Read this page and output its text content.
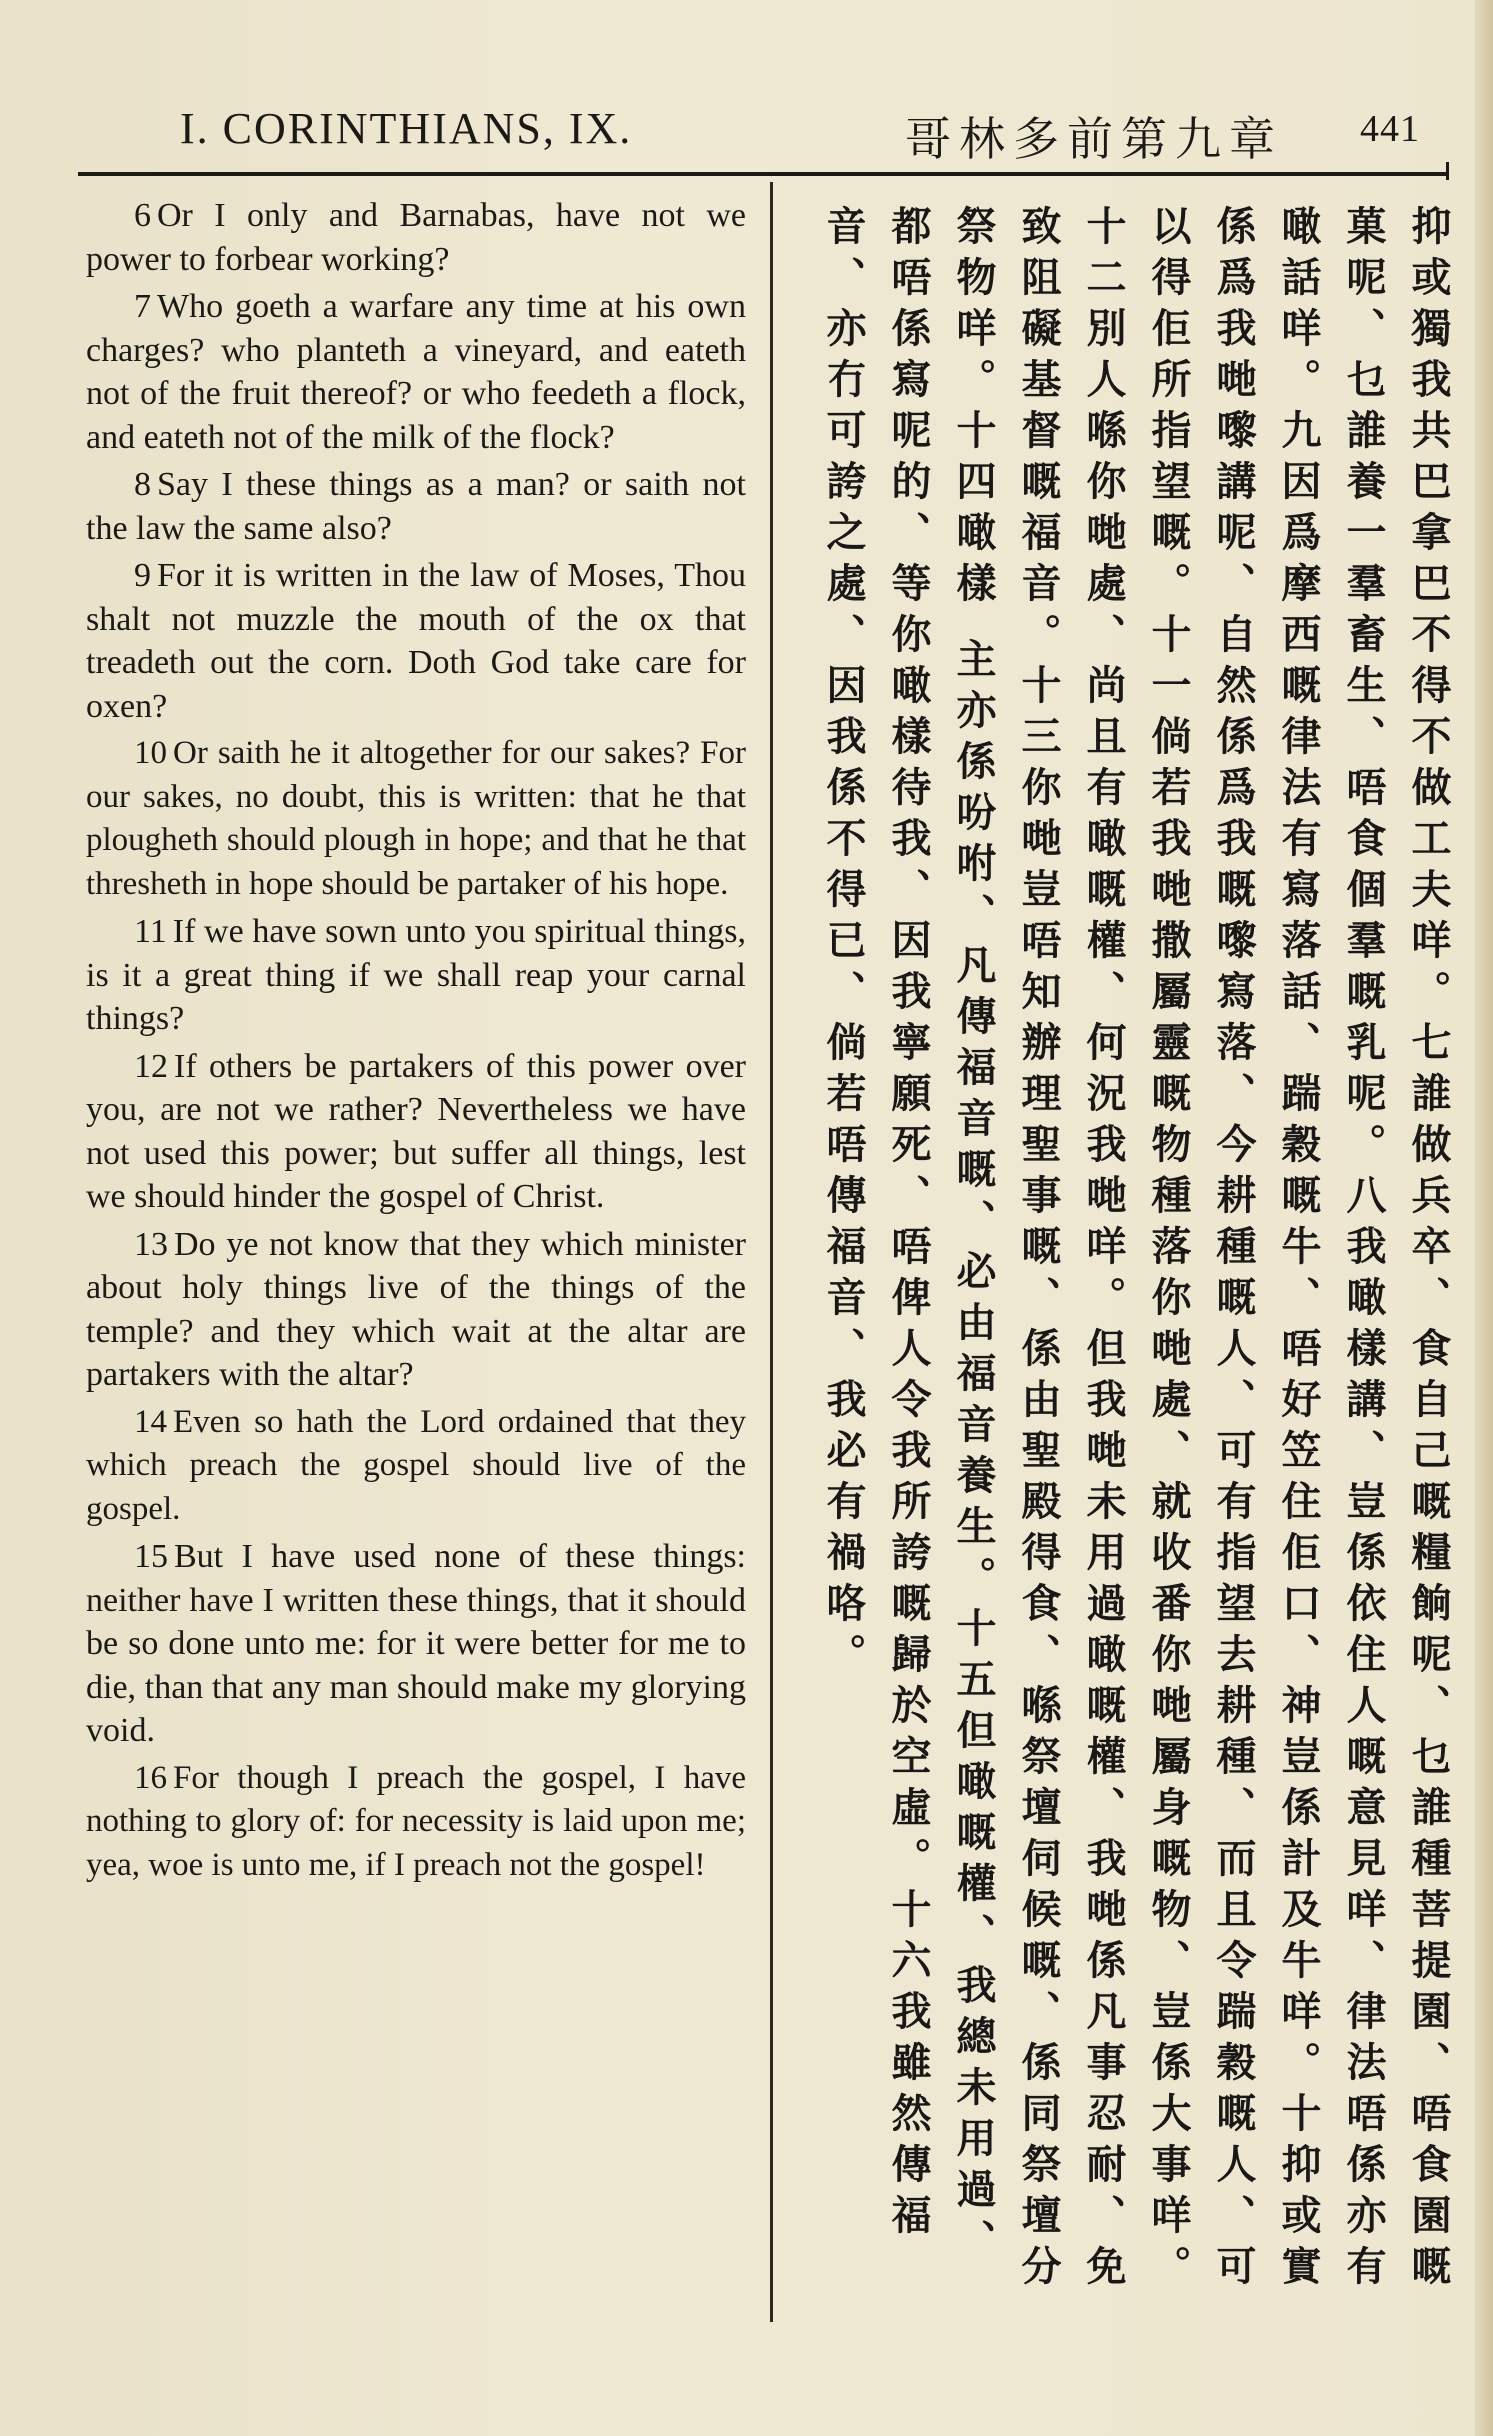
I. CORINTHIANS, IX.	哥林多前第九章 441

6 Or I only and Barnabas, have not we power to forbear working?

7 Who goeth a warfare any time at his own charges? who planteth a vineyard, and eateth not of the fruit thereof? or who feedeth a flock, and eateth not of the milk of the flock?

8 Say I these things as a man? or saith not the law the same also?

9 For it is written in the law of Moses, Thou shalt not muzzle the mouth of the ox that treadeth out the corn. Doth God take care for oxen?

10 Or saith he it altogether for our sakes? For our sakes, no doubt, this is written: that he that plougheth should plough in hope; and that he that thresheth in hope should be partaker of his hope.

11 If we have sown unto you spiritual things, is it a great thing if we shall reap your carnal things?

12 If others be partakers of this power over you, are not we rather? Nevertheless we have not used this power; but suffer all things, lest we should hinder the gospel of Christ.

13 Do ye not know that they which minister about holy things live of the things of the temple? and they which wait at the altar are partakers with the altar?

14 Even so hath the Lord ordained that they which preach the gospel should live of the gospel.

15 But I have used none of these things: neither have I written these things, that it should be so done unto me: for it were better for me to die, than that any man should make my glorying void.

16 For though I preach the gospel, I have nothing to glory of: for necessity is laid upon me; yea, woe is unto me, if I preach not the gospel!	抑或獨我共巴拿巴不得不做工夫咩。七誰做兵卒、食自己嘅糧餉呢、乜誰種菩提園、唔食園嘅菓呢、乜誰養一羣畜生、唔食個羣嘅乳呢。八我噉樣講、豈係依住人嘅意見咩、律法唔係亦有噉話咩。九因爲摩西嘅律法有寫落話、踹穀嘅牛、唔好笠住佢口、神豈係計及牛咩。十抑或實係爲我哋嚟講呢、自然係爲我嘅嚟寫落、今耕種嘅人、可有指望去耕種、而且令踹穀嘅人、可以得佢所指望嘅。十一倘若我哋撒屬靈嘅物種落你哋處、就收番你哋屬身嘅物、豈係大事咩。十二別人喺你哋處、尚且有噉嘅權、何況我哋咩。但我哋未用過噉嘅權、我哋係凡事忍耐、免致阻礙基督嘅福音。十三你哋豈唔知辦理聖事嘅、係由聖殿得食、喺祭壇伺候嘅、係同祭壇分祭物咩。十四噉樣 主亦係吩咐、凡傳福音嘅、必由福音養生。十五但噉嘅權、我總未用過、都唔係寫呢的、等你噉樣待我、因我寧願死、唔俾人令我所誇嘅歸於空虛。十六我雖然傳福音、亦冇可誇之處、因我係不得已、倘若唔傳福音、我必有禍咯。
